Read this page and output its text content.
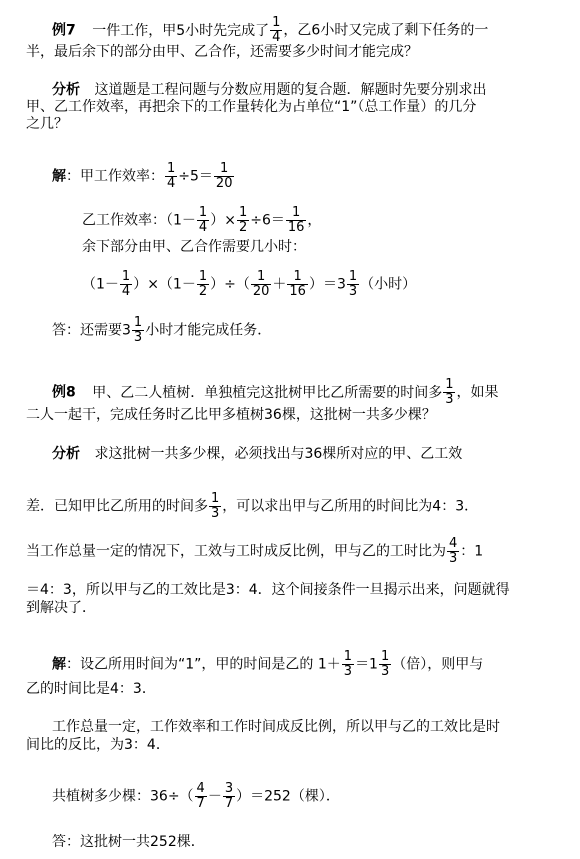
例7 一件工作，甲5小时先完成了 $\frac{1}{4}$ ，乙6小时又完成了剩下任务的一
半，最后余下的部分由甲、乙合作，还需要多少时间才能完成？
分析 这道题是工程问题与分数应用题的复合题．解题时先要分别求出
甲、乙工作效率，再把余下的工作量转化为占单位“1”（总工作量）的几分
之几？
解：甲工作效率： $\frac{1}{4} \div 5= \frac{1}{20}$
乙工作效率：（$1- \frac{1}{4}$ ）× $\frac{1}{2} \div 6= \frac{1}{16}$ ，
余下部分由甲、乙合作需要几小时：
$(1- \frac{1}{4} )\times(1- \frac{1}{2}$ ）÷（ $\frac{1}{20} + \frac{1}{16} )=3 \frac{1}{3}$ （小时）
答：还需要$3 \frac{1}{3}$ 小时才能完成任务．
例8 甲、乙二人植树．单独植完这批树甲比乙所需要的时间多 $\frac{1}{3}$ ，如果
二人一起干，完成任务时乙比甲多植树36棵，这批树一共多少棵？
分析 求这批树一共多少棵，必须找出与36棵所对应的甲、乙工效
差．已知甲比乙所用的时间多 $\frac{1}{3}$ ，可以求出甲与乙所用的时间比为4：3．
当工作总量一定的情况下，工效与工时成反比例，甲与乙的工时比为 $\frac{4}{3}$ ：1
＝4：3，所以甲与乙的工效比是3：4．这个间接条件一旦揭示出来，问题就得
到解决了．
解：设乙所用时间为“1”，甲的时间是乙的 $1+ \frac{1}{3} =1 \frac{1}{3}$ （倍），则甲与
乙的时间比是4：3．
工作总量一定，工作效率和工作时间成反比例，所以甲与乙的工效比是时
间比的反比，为3：4．
共植树多少棵：$36\div( \frac{4}{7} - \frac{3}{7} )=252$（棵）．
答：这批树一共252棵．
